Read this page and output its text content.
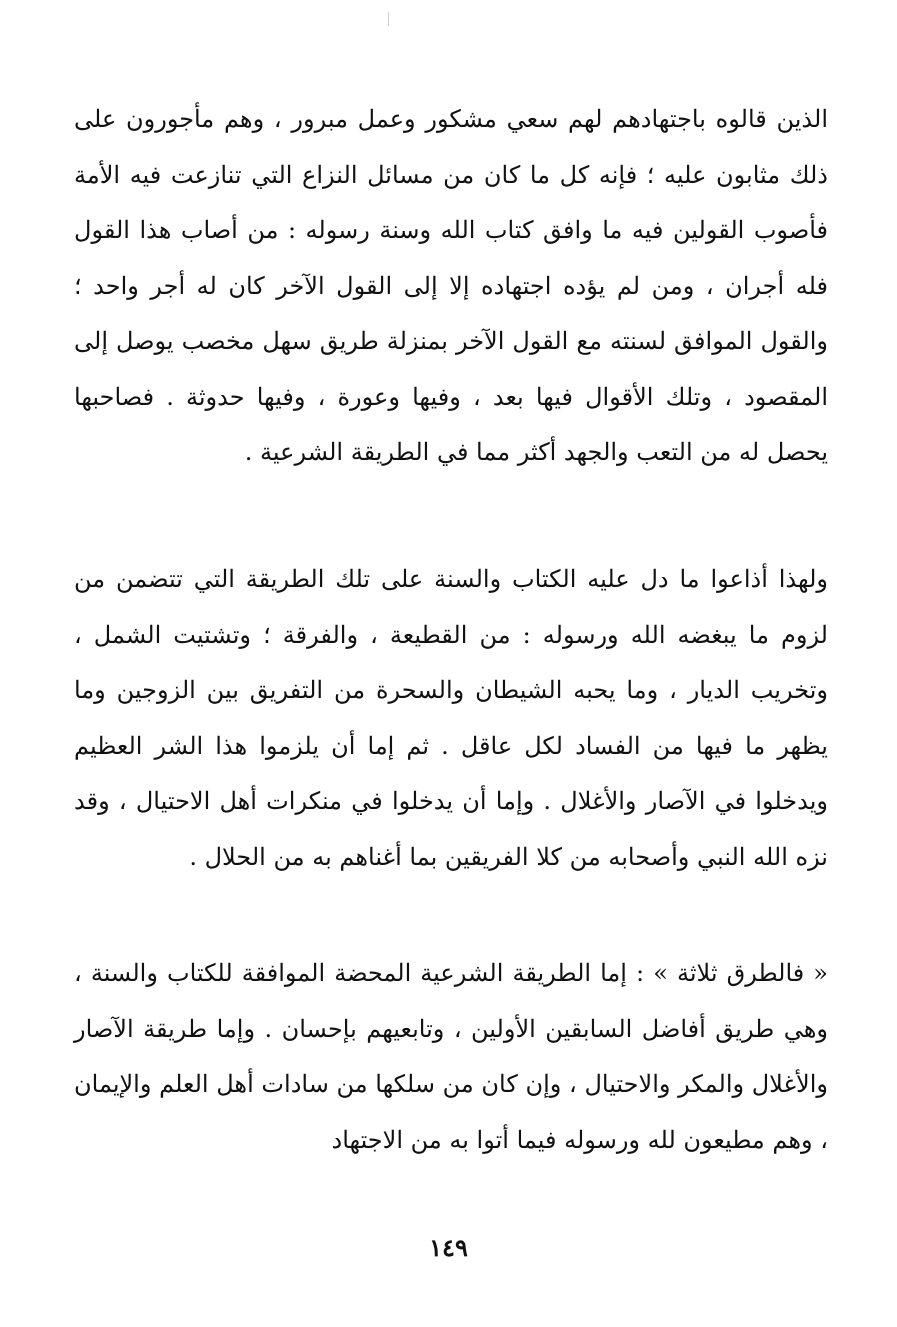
الذين قالوه باجتهادهم لهم سعي مشكور وعمل مبرور ، وهم مأجورون على ذلك مثابون عليه ؛ فإنه كل ما كان من مسائل النزاع التي تنازعت فيه الأمة فأصوب القولين فيه ما وافق كتاب الله وسنة رسوله : من أصاب هذا القول فله أجران ، ومن لم يؤده اجتهاده إلا إلى القول الآخر كان له أجر واحد ؛ والقول الموافق لسنته مع القول الآخر بمنزلة طريق سهل مخصب يوصل إلى المقصود ، وتلك الأقوال فيها بعد ، وفيها وعورة ، وفيها حدوثة . فصاحبها يحصل له من التعب والجهد أكثر مما في الطريقة الشرعية .

ولهذا أذاعوا ما دل عليه الكتاب والسنة على تلك الطريقة التي تتضمن من لزوم ما يبغضه الله ورسوله : من القطيعة ، والفرقة ؛ وتشتيت الشمل ، وتخريب الديار ، وما يحبه الشيطان والسحرة من التفريق بين الزوجين وما يظهر ما فيها من الفساد لكل عاقل . ثم إما أن يلزموا هذا الشر العظيم ويدخلوا في الآصار والأغلال . وإما أن يدخلوا في منكرات أهل الاحتيال ، وقد نزه الله النبي وأصحابه من كلا الفريقين بما أغناهم به من الحلال .

« فالطرق ثلاثة » : إما الطريقة الشرعية المحضة الموافقة للكتاب والسنة ، وهي طريق أفاضل السابقين الأولين ، وتابعيهم بإحسان . وإما طريقة الآصار والأغلال والمكر والاحتيال ، وإن كان من سلكها من سادات أهل العلم والإيمان ، وهم مطيعون لله ورسوله فيما أتوا به من الاجتهاد

١٤٩
